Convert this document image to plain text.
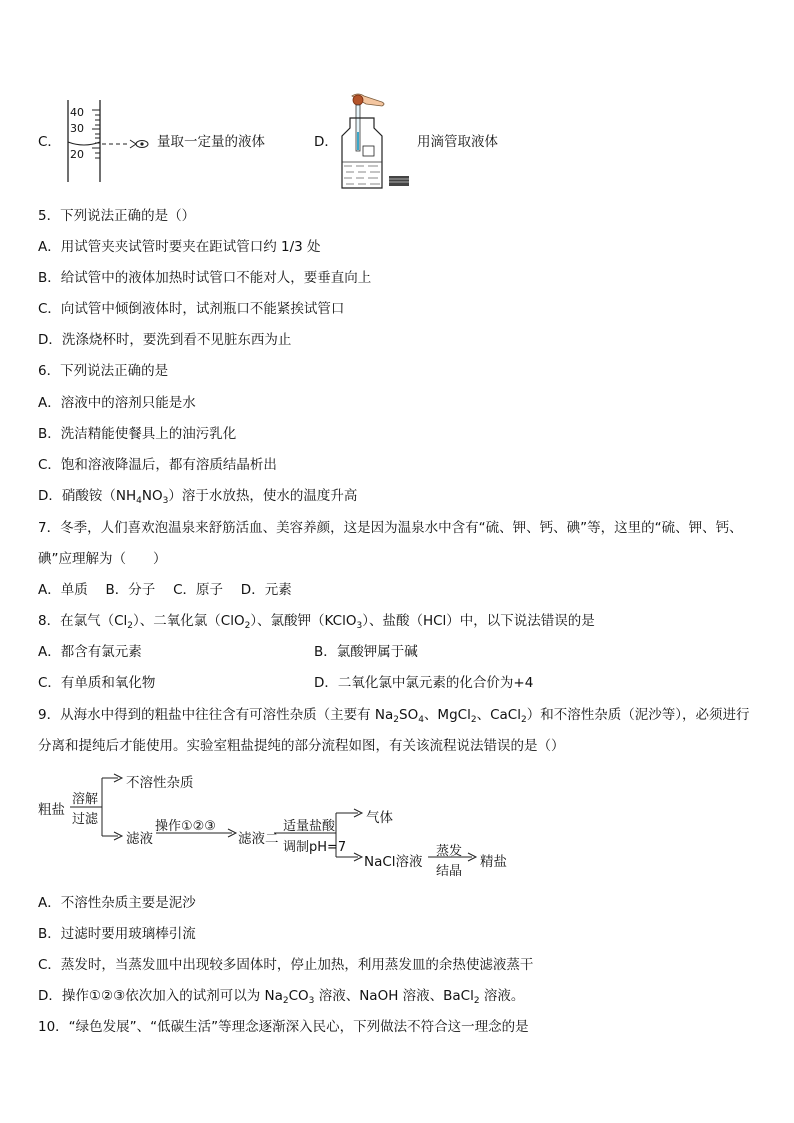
C．
40
30
20
量取一定量的液体	D．	用滴管取液体
5．下列说法正确的是（）
A．用试管夹夹试管时要夹在距试管口约 1/3 处
B．给试管中的液体加热时试管口不能对人，要垂直向上
C．向试管中倾倒液体时，试剂瓶口不能紧挨试管口
D．洗涤烧杯时，要洗到看不见脏东西为止
6．下列说法正确的是
A．溶液中的溶剂只能是水
B．洗洁精能使餐具上的油污乳化
C．饱和溶液降温后，都有溶质结晶析出
D．硝酸铵$(NH_4NO_3)$溶于水放热，使水的温度升高
7．冬季，人们喜欢泡温泉来舒筋活血、美容养颜，这是因为温泉水中含有“硫、钾、钙、碘”等，这里的“硫、钾、钙、
碘”应理解为（　　）
A．单质　 B．分子　 C．原子　 D．元素
8．在氯气$(Cl_2)$、二氧化氯（ClO$_2$）、氯酸钾（KClO$_3$）、盐酸（HCl）中，以下说法错误的是
A．都含有氯元素	B．氯酸钾属于碱
C．有单质和氧化物	D．二氧化氯中氯元素的化合价为+4
9．从海水中得到的粗盐中往往含有可溶性杂质（主要有 $Na_2SO_4$、MgCl$_2$、CaCl$_2$）和不溶性杂质（泥沙等），必须进行
分离和提纯后才能使用。实验室粗盐提纯的部分流程如图，有关该流程说法错误的是（）
粗盐
溶解
过滤
不溶性杂质
滤液
操作①②③
滤液二
适量盐酸
调制pH=7
气体
NaCl溶液
蒸发
结晶
精盐
A．不溶性杂质主要是泥沙
B．过滤时要用玻璃棒引流
C．蒸发时，当蒸发皿中出现较多固体时，停止加热，利用蒸发皿的余热使滤液蒸干
D．操作①②③依次加入的试剂可以为 $Na_2CO_3$ 溶液、NaOH 溶液、BaCl$_2$ 溶液。
10．“绿色发展”、“低碳生活”等理念逐渐深入民心，下列做法不符合这一理念的是
